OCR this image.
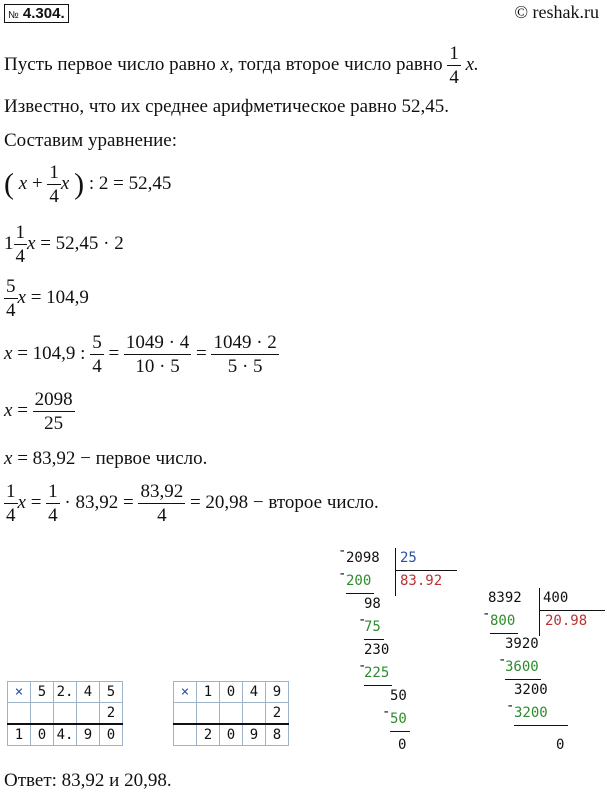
№ 4.304.	© reshak.ru
Пусть первое число равно x, тогда второе число равно $\frac{1}{4} x$.
Известно, что их среднее арифметическое равно 52,45.
Составим уравнение:
( $x + \frac{1}{4}$ x ) : 2 = 52,45
$1 \frac{1}{4}$ x = 52,45 · 2
$\frac{5}{4}$ x = 104,9
x = 104,9 : $\frac{5}{4} = \frac{1049 \cdot 4}{10 \cdot 5} = \frac{1049 \cdot 2}{5 \cdot 5}$
$x = \frac{2098}{25}$
x = 83,92 − первое число.
$\frac{1}{4}$ $x = \frac{1}{4} \cdot 83,92 = \frac{83,92}{4} = 20,98$ − второе число.
- 2098 25
- 200 83.92
98
-
75
230
-
225
50
- 50
0
8392 400
- 800 20.98
3920
-
3600
3200
- 3200
0
×	5	2.	4	5
				2
1	0	4.	9	0
×	1	0	4	9
				2
	2	0	9	8
Ответ: 83,92 и 20,98.
